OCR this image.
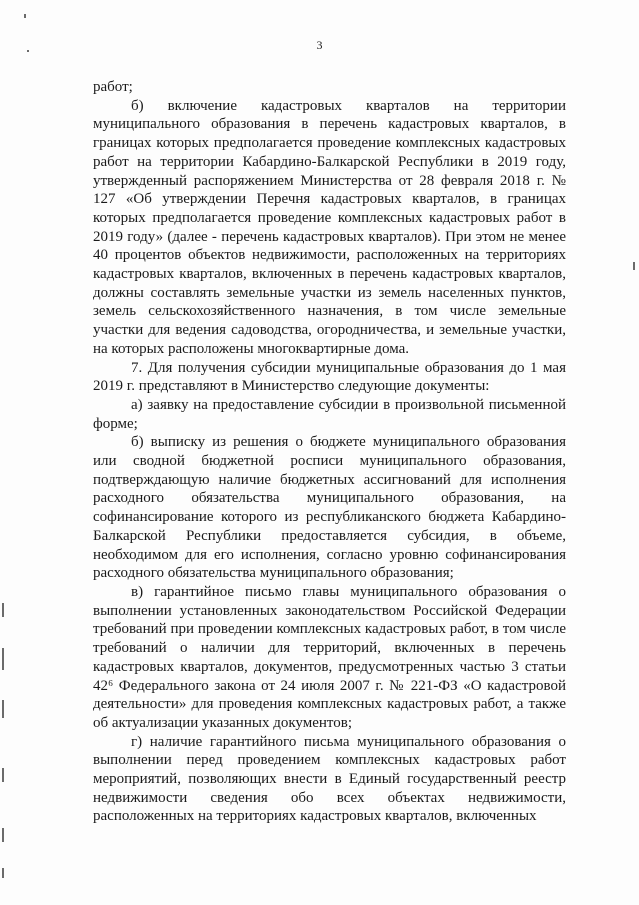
3

работ;

б) включение кадастровых кварталов на территории муниципального образования в перечень кадастровых кварталов, в границах которых предполагается проведение комплексных кадастровых работ на территории Кабардино-Балкарской Республики в 2019 году, утвержденный распоряжением Министерства от 28 февраля 2018 г. № 127 «Об утверждении Перечня кадастровых кварталов, в границах которых предполагается проведение комплексных кадастровых работ в 2019 году» (далее - перечень кадастровых кварталов). При этом не менее 40 процентов объектов недвижимости, расположенных на территориях кадастровых кварталов, включенных в перечень кадастровых кварталов, должны составлять земельные участки из земель населенных пунктов, земель сельскохозяйственного назначения, в том числе земельные участки для ведения садоводства, огородничества, и земельные участки, на которых расположены многоквартирные дома.

7. Для получения субсидии муниципальные образования до 1 мая 2019 г. представляют в Министерство следующие документы:

а) заявку на предоставление субсидии в произвольной письменной форме;

б) выписку из решения о бюджете муниципального образования или сводной бюджетной росписи муниципального образования, подтверждающую наличие бюджетных ассигнований для исполнения расходного обязательства муниципального образования, на софинансирование которого из республиканского бюджета Кабардино-Балкарской Республики предоставляется субсидия, в объеме, необходимом для его исполнения, согласно уровню софинансирования расходного обязательства муниципального образования;

в) гарантийное письмо главы муниципального образования о выполнении установленных законодательством Российской Федерации требований при проведении комплексных кадастровых работ, в том числе требований о наличии для территорий, включенных в перечень кадастровых кварталов, документов, предусмотренных частью 3 статьи 42⁶ Федерального закона от 24 июля 2007 г. № 221-ФЗ «О кадастровой деятельности» для проведения комплексных кадастровых работ, а также об актуализации указанных документов;

г) наличие гарантийного письма муниципального образования о выполнении перед проведением комплексных кадастровых работ мероприятий, позволяющих внести в Единый государственный реестр недвижимости сведения обо всех объектах недвижимости, расположенных на территориях кадастровых кварталов, включенных
